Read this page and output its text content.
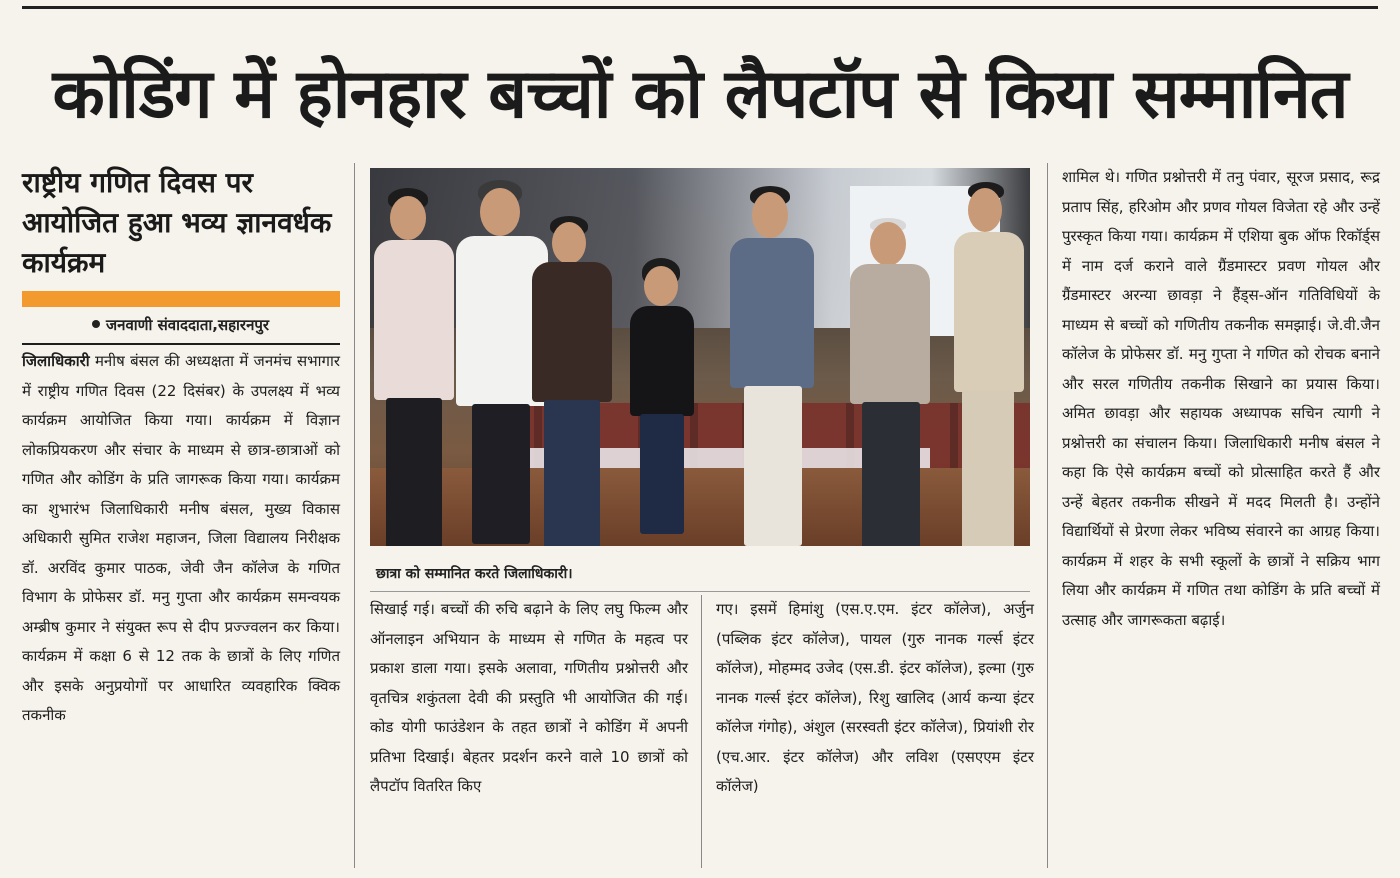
कोडिंग में होनहार बच्चों को लैपटॉप से किया सम्मानित
राष्ट्रीय गणित दिवस पर आयोजित हुआ भव्य ज्ञानवर्धक कार्यक्रम
जनवाणी संवाददाता,सहारनपुर
जिलाधिकारी मनीष बंसल की अध्यक्षता में जनमंच सभागार में राष्ट्रीय गणित दिवस (22 दिसंबर) के उपलक्ष्य में भव्य कार्यक्रम आयोजित किया गया। कार्यक्रम में विज्ञान लोकप्रियकरण और संचार के माध्यम से छात्र-छात्राओं को गणित और कोडिंग के प्रति जागरूक किया गया। कार्यक्रम का शुभारंभ जिलाधिकारी मनीष बंसल, मुख्य विकास अधिकारी सुमित राजेश महाजन, जिला विद्यालय निरीक्षक डॉ. अरविंद कुमार पाठक, जेवी जैन कॉलेज के गणित विभाग के प्रोफेसर डॉ. मनु गुप्ता और कार्यक्रम समन्वयक अम्ब्रीष कुमार ने संयुक्त रूप से दीप प्रज्ज्वलन कर किया। कार्यक्रम में कक्षा 6 से 12 तक के छात्रों के लिए गणित और इसके अनुप्रयोगों पर आधारित व्यवहारिक क्विक तकनीक
छात्रा को सम्मानित करते जिलाधिकारी।
सिखाई गई। बच्चों की रुचि बढ़ाने के लिए लघु फिल्म और ऑनलाइन अभियान के माध्यम से गणित के महत्व पर प्रकाश डाला गया। इसके अलावा, गणितीय प्रश्नोत्तरी और वृतचित्र शकुंतला देवी की प्रस्तुति भी आयोजित की गई। कोड योगी फाउंडेशन के तहत छात्रों ने कोडिंग में अपनी प्रतिभा दिखाई। बेहतर प्रदर्शन करने वाले 10 छात्रों को लैपटॉप वितरित किए
गए। इसमें हिमांशु (एस.ए.एम. इंटर कॉलेज), अर्जुन (पब्लिक इंटर कॉलेज), पायल (गुरु नानक गर्ल्स इंटर कॉलेज), मोहम्मद उजेद (एस.डी. इंटर कॉलेज), इल्मा (गुरु नानक गर्ल्स इंटर कॉलेज), रिशु खालिद (आर्य कन्या इंटर कॉलेज गंगोह), अंशुल (सरस्वती इंटर कॉलेज), प्रियांशी रोर (एच.आर. इंटर कॉलेज) और लविश (एसएएम इंटर कॉलेज)
शामिल थे। गणित प्रश्नोत्तरी में तनु पंवार, सूरज प्रसाद, रूद्र प्रताप सिंह, हरिओम और प्रणव गोयल विजेता रहे और उन्हें पुरस्कृत किया गया। कार्यक्रम में एशिया बुक ऑफ रिकॉर्ड्स में नाम दर्ज कराने वाले ग्रैंडमास्टर प्रवण गोयल और ग्रैंडमास्टर अरन्या छावड़ा ने हैंड्स-ऑन गतिविधियों के माध्यम से बच्चों को गणितीय तकनीक समझाई। जे.वी.जैन कॉलेज के प्रोफेसर डॉ. मनु गुप्ता ने गणित को रोचक बनाने और सरल गणितीय तकनीक सिखाने का प्रयास किया। अमित छावड़ा और सहायक अध्यापक सचिन त्यागी ने प्रश्नोत्तरी का संचालन किया। जिलाधिकारी मनीष बंसल ने कहा कि ऐसे कार्यक्रम बच्चों को प्रोत्साहित करते हैं और उन्हें बेहतर तकनीक सीखने में मदद मिलती है। उन्होंने विद्यार्थियों से प्रेरणा लेकर भविष्य संवारने का आग्रह किया। कार्यक्रम में शहर के सभी स्कूलों के छात्रों ने सक्रिय भाग लिया और कार्यक्रम में गणित तथा कोडिंग के प्रति बच्चों में उत्साह और जागरूकता बढ़ाई।
